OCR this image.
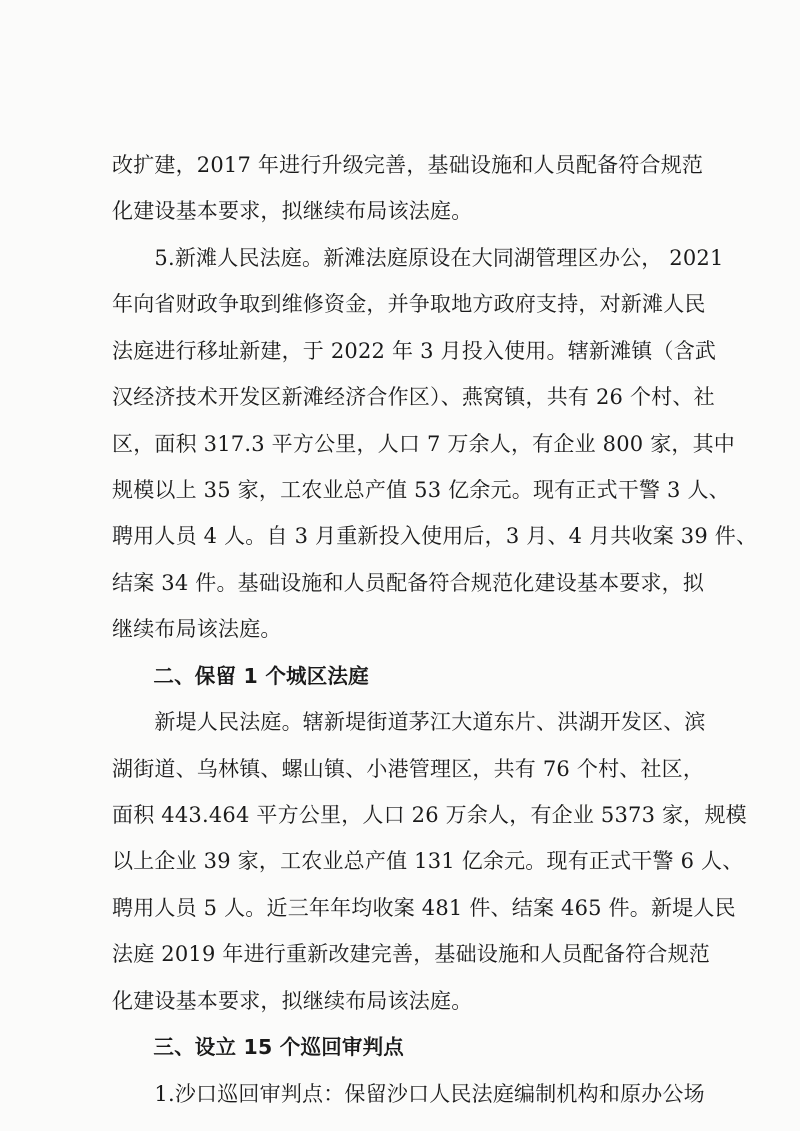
改扩建，2017 年进行升级完善，基础设施和人员配备符合规范
化建设基本要求，拟继续布局该法庭。
　　5.新滩人民法庭。新滩法庭原设在大同湖管理区办公， 2021
年向省财政争取到维修资金，并争取地方政府支持，对新滩人民
法庭进行移址新建，于 2022 年 3 月投入使用。辖新滩镇（含武
汉经济技术开发区新滩经济合作区）、燕窝镇，共有 26 个村、社
区，面积 317.3 平方公里，人口 7 万余人，有企业 800 家，其中
规模以上 35 家，工农业总产值 53 亿余元。现有正式干警 3 人、
聘用人员 4 人。自 3 月重新投入使用后，3 月、4 月共收案 39 件、
结案 34 件。基础设施和人员配备符合规范化建设基本要求，拟
继续布局该法庭。
　　二、保留 1 个城区法庭
　　新堤人民法庭。辖新堤街道茅江大道东片、洪湖开发区、滨
湖街道、乌林镇、螺山镇、小港管理区，共有 76 个村、社区，
面积 443.464 平方公里，人口 26 万余人，有企业 5373 家，规模
以上企业 39 家，工农业总产值 131 亿余元。现有正式干警 6 人、
聘用人员 5 人。近三年年均收案 481 件、结案 465 件。新堤人民
法庭 2019 年进行重新改建完善，基础设施和人员配备符合规范
化建设基本要求，拟继续布局该法庭。
　　三、设立 15 个巡回审判点
　　1.沙口巡回审判点：保留沙口人民法庭编制机构和原办公场
